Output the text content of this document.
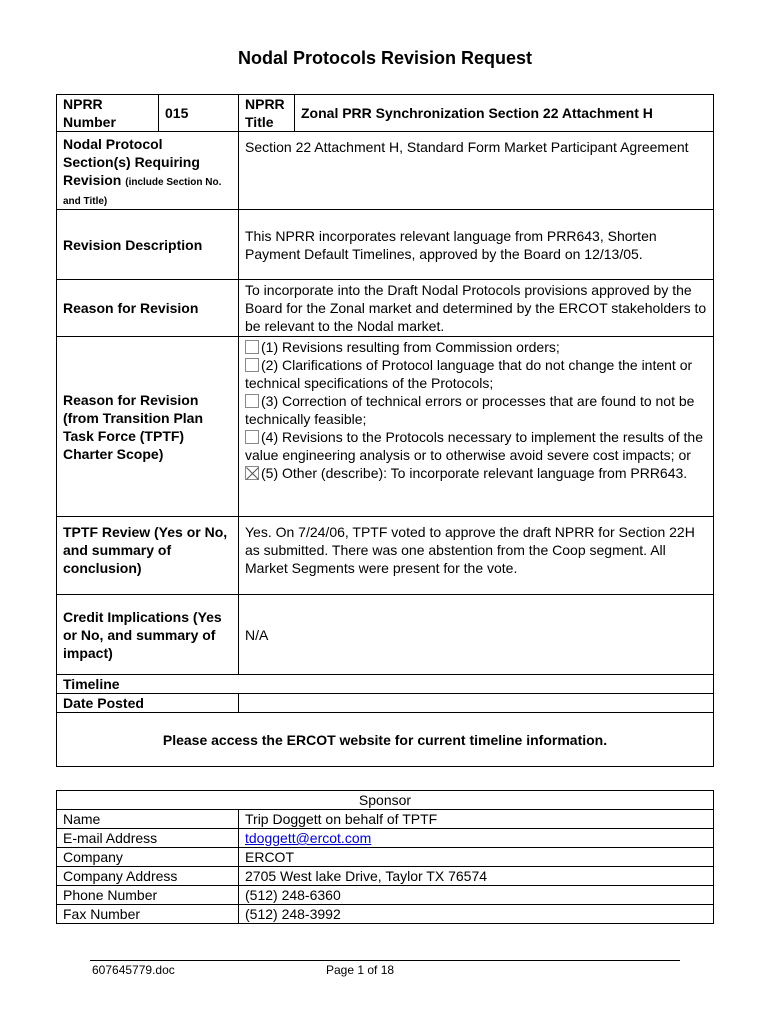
Nodal Protocols Revision Request
NPRR Number	015	NPRR Title	Zonal PRR Synchronization Section 22 Attachment H

Nodal Protocol Section(s) Requiring Revision (include Section No. and Title)		Section 22 Attachment H, Standard Form Market Participant Agreement	

Revision Description		This NPRR incorporates relevant language from PRR643, Shorten Payment Default Timelines, approved by the Board on 12/13/05.	
Reason for Revision		To incorporate into the Draft Nodal Protocols provisions approved by the Board for the Zonal market and determined by the ERCOT stakeholders to be relevant to the Nodal market.	
Reason for Revision (from Transition Plan Task Force (TPTF) Charter Scope)		(1) Revisions resulting from Commission orders;
(2) Clarifications of Protocol language that do not change the intent or technical specifications of the Protocols;
(3) Correction of technical errors or processes that are found to not be technically feasible;
(4) Revisions to the Protocols necessary to implement the results of the value engineering analysis or to otherwise avoid severe cost impacts; or
(5) Other (describe): To incorporate relevant language from PRR643.	

TPTF Review (Yes or No, and summary of conclusion)		Yes. On 7/24/06, TPTF voted to approve the draft NPRR for Section 22H as submitted. There was one abstention from the Coop segment. All Market Segments were present for the vote.	

Credit Implications (Yes or No, and summary of impact)		N/A	
Timeline			
Date Posted			
Please access the ERCOT website for current timeline information.			
Sponsor	
Name	Trip Doggett on behalf of TPTF
E-mail Address	tdoggett@ercot.com
Company	ERCOT
Company Address	2705 West lake Drive, Taylor TX 76574
Phone Number	(512) 248-6360
Fax Number	(512) 248-3992
607645779.doc	Page 1 of 18
